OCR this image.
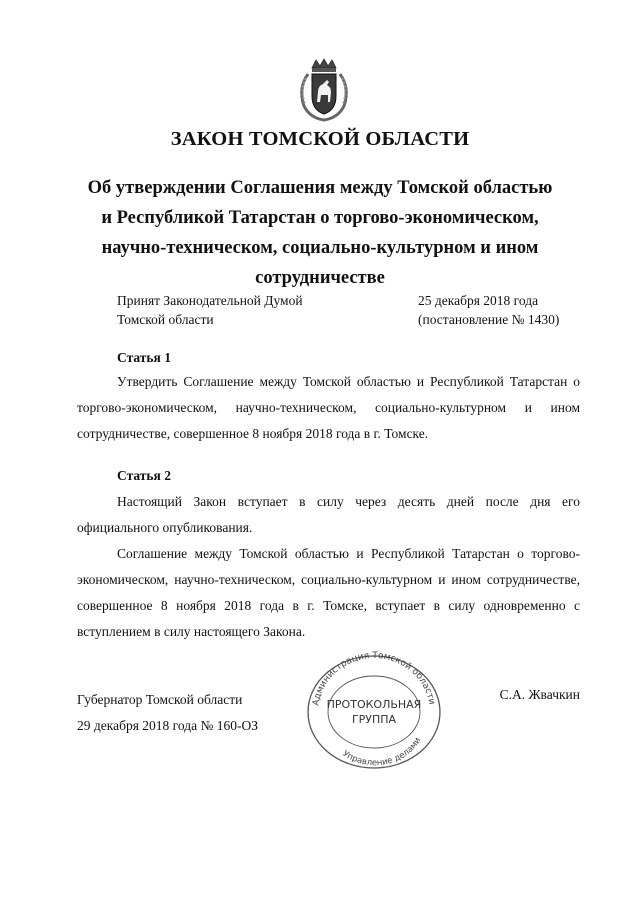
ЗАКОН ТОМСКОЙ ОБЛАСТИ
Об утверждении Соглашения между Томской областью
и Республикой Татарстан о торгово-экономическом,
научно-техническом, социально-культурном и ином
сотрудничестве
Принят Законодательной Думой
Томской области
25 декабря 2018 года
(постановление № 1430)
Статья 1

Утвердить Соглашение между Томской областью и Республикой Татарстан о торгово-экономическом, научно-техническом, социально-культурном и ином сотрудничестве, совершенное 8 ноября 2018 года в г. Томске.

Статья 2

Настоящий Закон вступает в силу через десять дней после дня его официального опубликования.

Соглашение между Томской областью и Республикой Татарстан о торгово-экономическом, научно-техническом, социально-культурном и ином сотрудничестве, совершенное 8 ноября 2018 года в г. Томске, вступает в силу одновременно с вступлением в силу настоящего Закона.

Администрация Томской области
Управление делами
ПРОТОКОЛЬНАЯ
ГРУППА
Губернатор Томской области
29 декабря 2018 года № 160-ОЗ
С.А. Жвачкин
